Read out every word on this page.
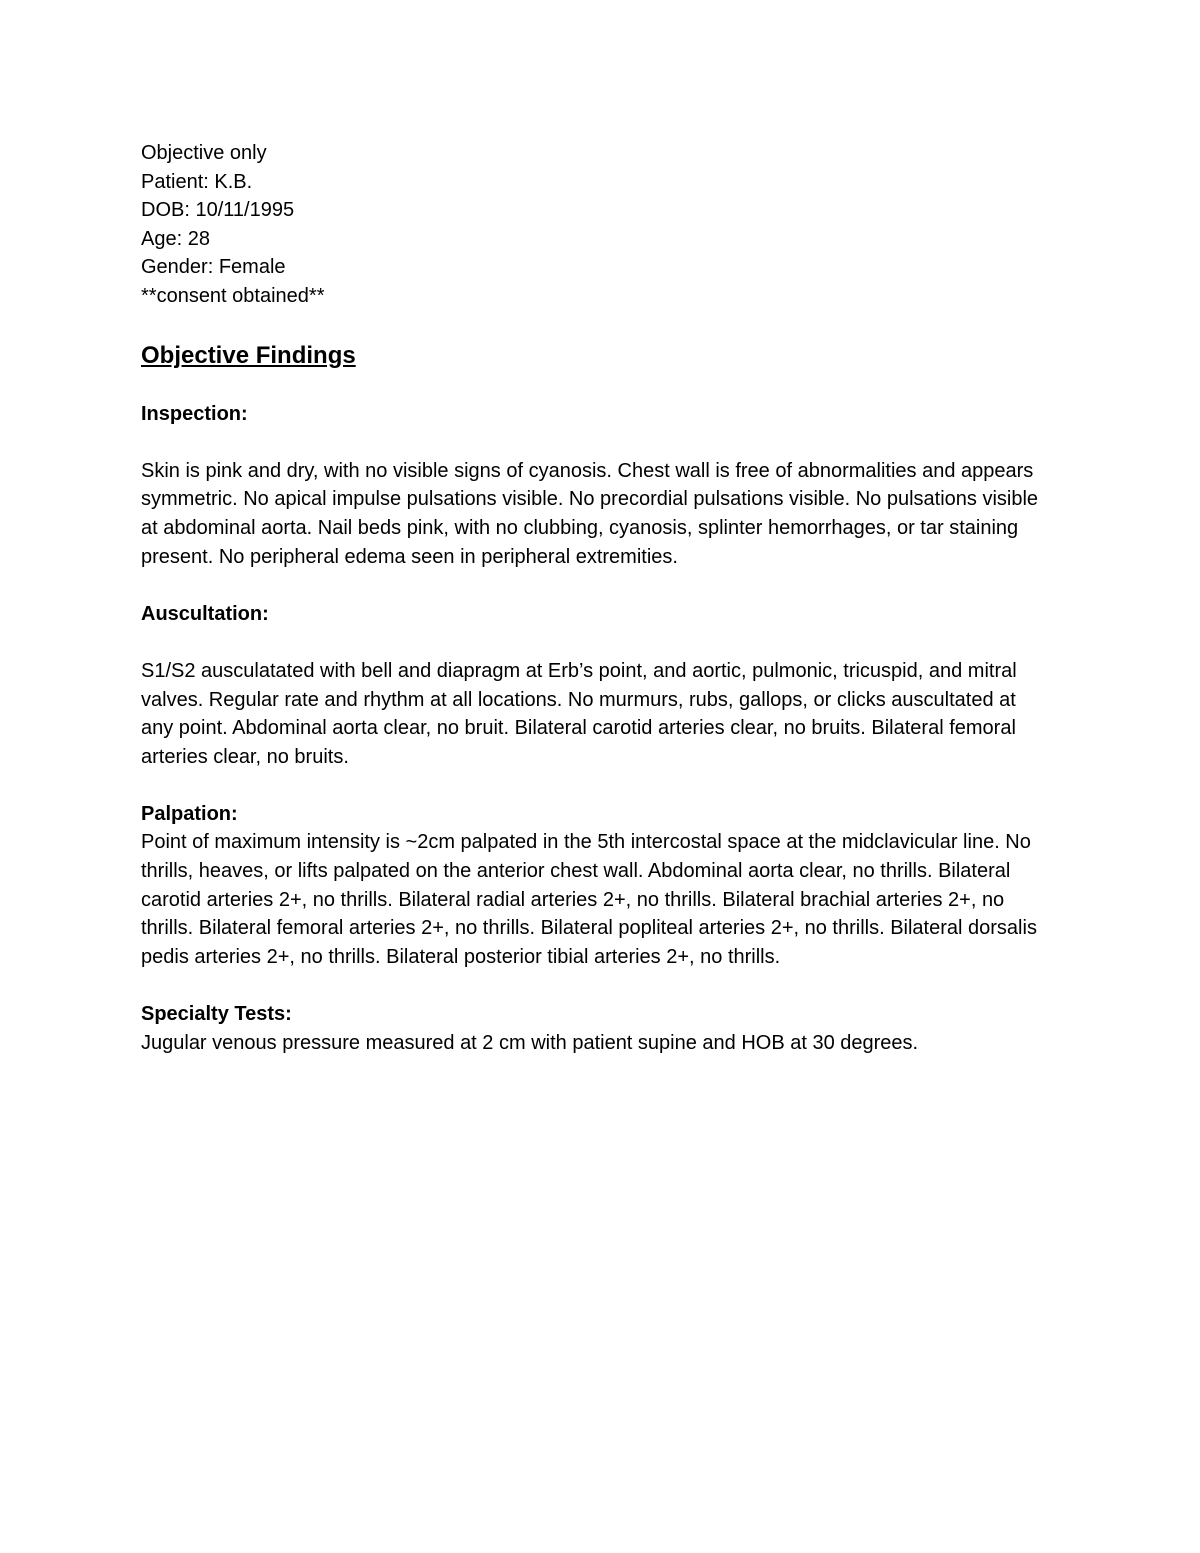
Objective only
Patient: K.B.
DOB: 10/11/1995
Age: 28
Gender: Female
**consent obtained**
Objective Findings
Inspection:

Skin is pink and dry, with no visible signs of cyanosis. Chest wall is free of abnormalities and appears symmetric. No apical impulse pulsations visible. No precordial pulsations visible. No pulsations visible at abdominal aorta. Nail beds pink, with no clubbing, cyanosis, splinter hemorrhages, or tar staining present. No peripheral edema seen in peripheral extremities.

Auscultation:

S1/S2 ausculatated with bell and diapragm at Erb’s point, and aortic, pulmonic, tricuspid, and mitral valves. Regular rate and rhythm at all locations. No murmurs, rubs, gallops, or clicks auscultated at any point. Abdominal aorta clear, no bruit. Bilateral carotid arteries clear, no bruits. Bilateral femoral arteries clear, no bruits.

Palpation:

Point of maximum intensity is ~2cm palpated in the 5th intercostal space at the midclavicular line. No thrills, heaves, or lifts palpated on the anterior chest wall. Abdominal aorta clear, no thrills. Bilateral carotid arteries 2+, no thrills. Bilateral radial arteries 2+, no thrills. Bilateral brachial arteries 2+, no thrills. Bilateral femoral arteries 2+, no thrills. Bilateral popliteal arteries 2+, no thrills. Bilateral dorsalis pedis arteries 2+, no thrills. Bilateral posterior tibial arteries 2+, no thrills.

Specialty Tests:

Jugular venous pressure measured at 2 cm with patient supine and HOB at 30 degrees.
